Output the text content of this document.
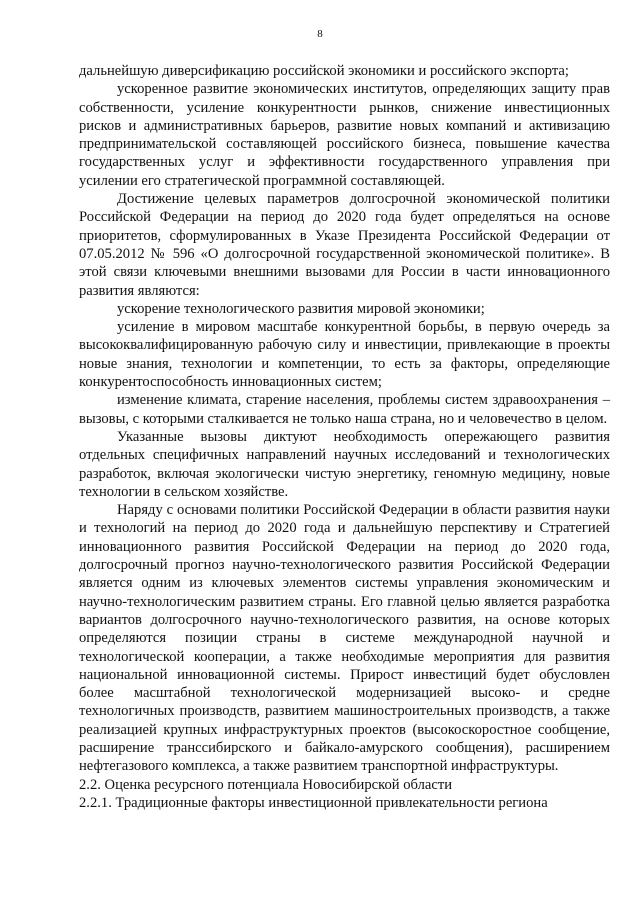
8

дальнейшую диверсификацию российской экономики и российского экспорта;

ускоренное развитие экономических институтов, определяющих защиту прав собственности, усиление конкурентности рынков, снижение инвестиционных рисков и административных барьеров, развитие новых компаний и активизацию предпринимательской составляющей российского бизнеса, повышение качества государственных услуг и эффективности государственного управления при усилении его стратегической программной составляющей.

Достижение целевых параметров долгосрочной экономической политики Российской Федерации на период до 2020 года будет определяться на основе приоритетов, сформулированных в Указе Президента Российской Федерации от 07.05.2012 № 596 «О долгосрочной государственной экономической политике». В этой связи ключевыми внешними вызовами для России в части инновационного развития являются:

ускорение технологического развития мировой экономики;

усиление в мировом масштабе конкурентной борьбы, в первую очередь за высококвалифицированную рабочую силу и инвестиции, привлекающие в проекты новые знания, технологии и компетенции, то есть за факторы, определяющие конкурентоспособность инновационных систем;

изменение климата, старение населения, проблемы систем здравоохранения – вызовы, с которыми сталкивается не только наша страна, но и человечество в целом.

Указанные вызовы диктуют необходимость опережающего развития отдельных специфичных направлений научных исследований и технологических разработок, включая экологически чистую энергетику, геномную медицину, новые технологии в сельском хозяйстве.

Наряду с основами политики Российской Федерации в области развития науки и технологий на период до 2020 года и дальнейшую перспективу и Стратегией инновационного развития Российской Федерации на период до 2020 года, долгосрочный прогноз научно-технологического развития Российской Федерации является одним из ключевых элементов системы управления экономическим и научно-технологическим развитием страны. Его главной целью является разработка вариантов долгосрочного научно-технологического развития, на основе которых определяются позиции страны в системе международной научной и технологической кооперации, а также необходимые мероприятия для развития национальной инновационной системы. Прирост инвестиций будет обусловлен более масштабной технологической модернизацией высоко- и средне технологичных производств, развитием машиностроительных производств, а также реализацией крупных инфраструктурных проектов (высокоскоростное сообщение, расширение транссибирского и байкало-амурского сообщения), расширением нефтегазового комплекса, а также развитием транспортной инфраструктуры.

2.2. Оценка ресурсного потенциала Новосибирской области

2.2.1. Традиционные факторы инвестиционной привлекательности региона
